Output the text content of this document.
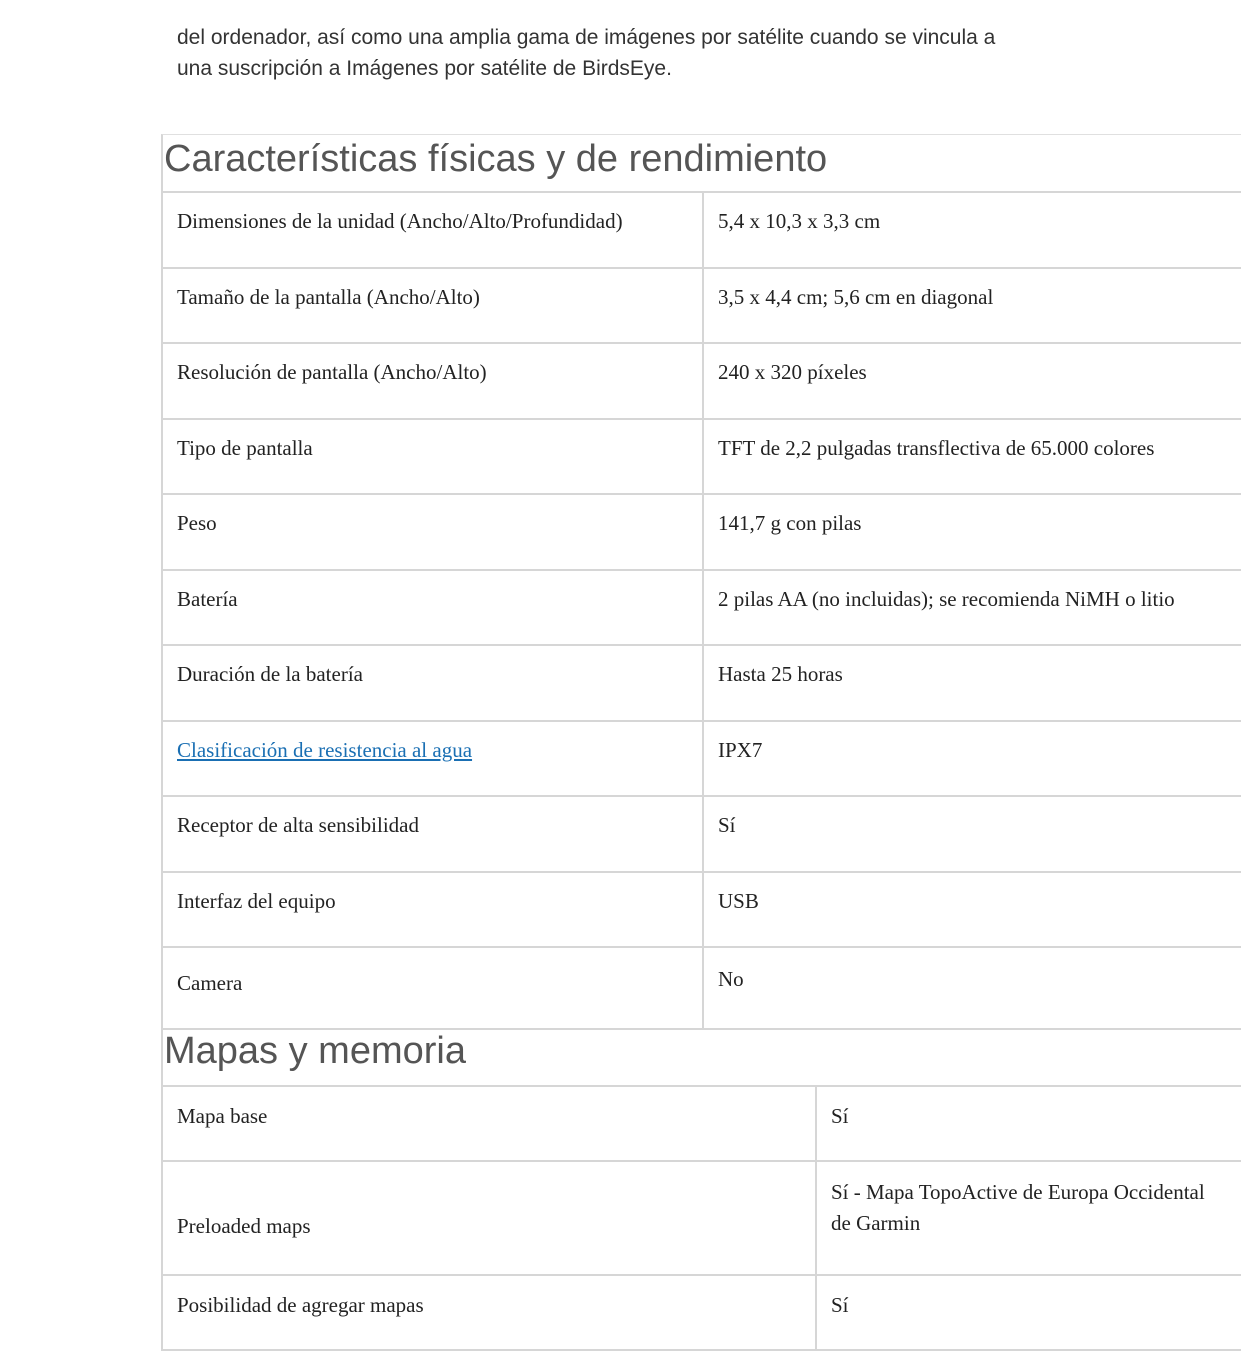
del ordenador, así como una amplia gama de imágenes por satélite cuando se vincula a
una suscripción a Imágenes por satélite de BirdsEye.
Características físicas y de rendimiento
Dimensiones de la unidad (Ancho/Alto/Profundidad)	5,4 x 10,3 x 3,3 cm
Tamaño de la pantalla (Ancho/Alto)	3,5 x 4,4 cm; 5,6 cm en diagonal
Resolución de pantalla (Ancho/Alto)	240 x 320 píxeles
Tipo de pantalla	TFT de 2,2 pulgadas transflectiva de 65.000 colores
Peso	141,7 g con pilas
Batería	2 pilas AA (no incluidas); se recomienda NiMH o litio
Duración de la batería	Hasta 25 horas
Clasificación de resistencia al agua	IPX7
Receptor de alta sensibilidad	Sí
Interfaz del equipo	USB
Camera	No
Mapas y memoria
Mapa base	Sí
Preloaded maps	Sí - Mapa TopoActive de Europa Occidental
de Garmin

Posibilidad de agregar mapas	Sí
